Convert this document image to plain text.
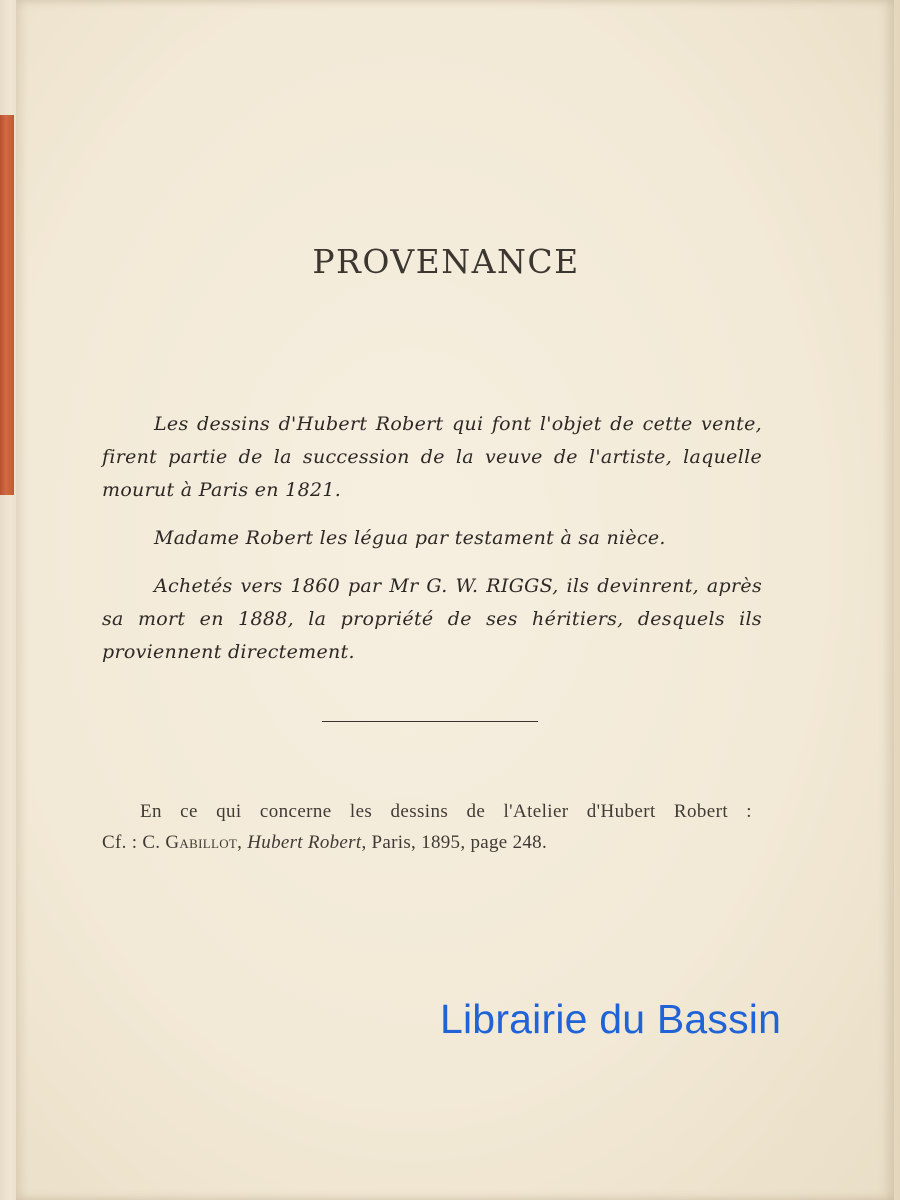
PROVENANCE
Les dessins d'Hubert Robert qui font l'objet de cette vente, firent partie de la succession de la veuve de l'artiste, laquelle mourut à Paris en 1821.
Madame Robert les légua par testament à sa nièce.
Achetés vers 1860 par Mr G. W. RIGGS, ils devinrent, après sa mort en 1888, la propriété de ses héritiers, desquels ils proviennent directement.
En ce qui concerne les dessins de l'Atelier d'Hubert Robert :
Cf. : C. Gabillot, Hubert Robert, Paris, 1895, page 248.
Librairie du Bassin
